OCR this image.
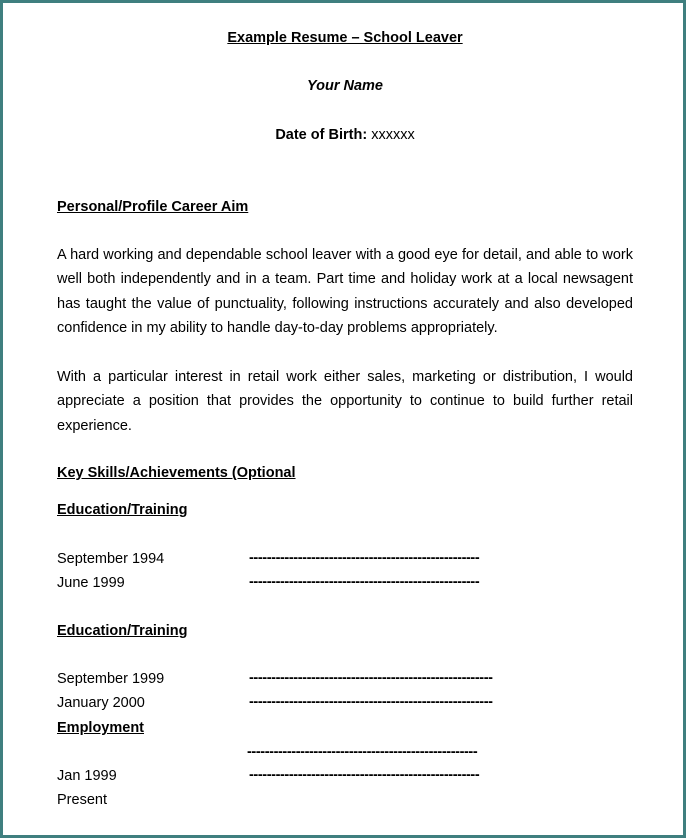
Example Resume – School Leaver
Your Name
Date of Birth: xxxxxx
Personal/Profile Career Aim
A hard working and dependable school leaver with a good eye for detail, and able to work well both independently and in a team. Part time and holiday work at a local newsagent has taught the value of punctuality, following instructions accurately and also developed confidence in my ability to handle day-to-day problems appropriately.
With a particular interest in retail work either sales, marketing or distribution, I would appreciate a position that provides the opportunity to continue to build further retail experience.
Key Skills/Achievements (Optional
Education/Training
September 1994	----------------------------------------------------
June 1999	----------------------------------------------------
Education/Training
September 1999	-------------------------------------------------------
January 2000	-------------------------------------------------------
Employment
----------------------------------------------------
Jan 1999	----------------------------------------------------
Present
